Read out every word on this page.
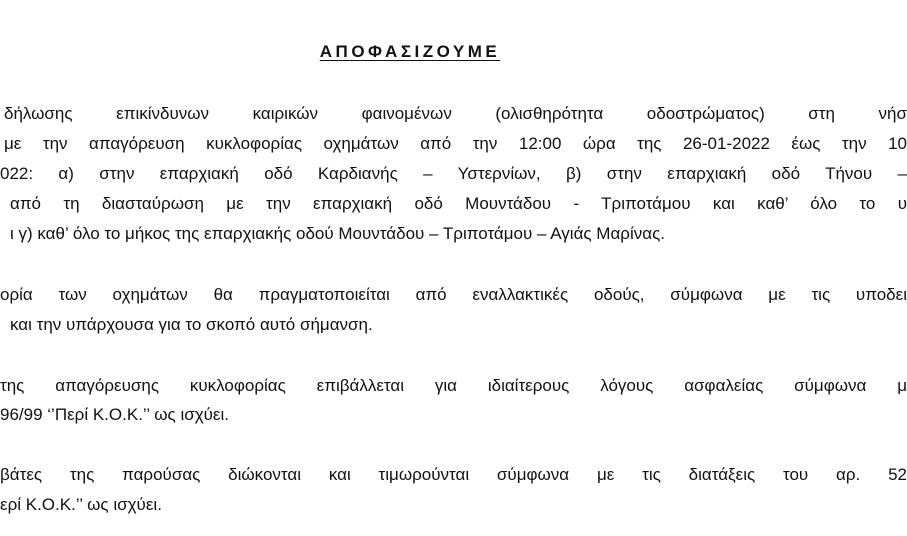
ΑΠΟΦΑΣΙΖΟΥΜΕ
δήλωσης επικίνδυνων καιρικών φαινομένων (ολισθηρότητα οδοστρώματος) στη νήσ
με την απαγόρευση κυκλοφορίας οχημάτων από την 12:00 ώρα της 26-01-2022 έως την 10
022: α) στην επαρχιακή οδό Καρδιανής – Υστερνίων, β) στην επαρχιακή οδό Τήνου –
από τη διασταύρωση με την επαρχιακή οδό Μουντάδου - Τριποτάμου και καθ’ όλο το υ
ι γ) καθ’ όλο το μήκος της επαρχιακής οδού Μουντάδου – Τριποτάμου – Αγιάς Μαρίνας.
ορία των οχημάτων θα πραγματοποιείται από εναλλακτικές οδούς, σύμφωνα με τις υποδει
και την υπάρχουσα για το σκοπό αυτό σήμανση.
της απαγόρευσης κυκλοφορίας επιβάλλεται για ιδιαίτερους λόγους ασφαλείας σύμφωνα μ
96/99 ‘’Περί Κ.Ο.Κ.’’ ως ισχύει.
βάτες της παρούσας διώκονται και τιμωρούνται σύμφωνα με τις διατάξεις του αρ. 52
ερί Κ.Ο.Κ.’’ ως ισχύει.
